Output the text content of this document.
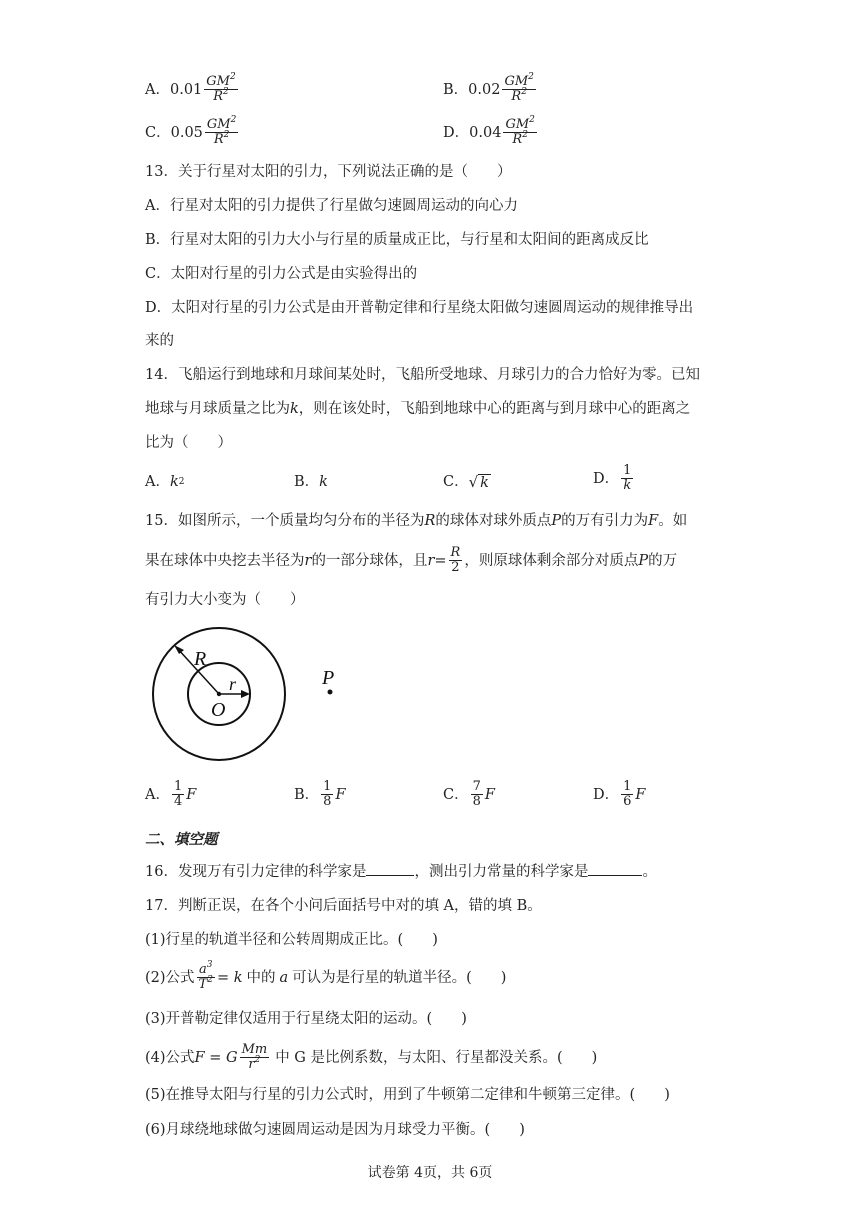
A． $0.01 \frac{GM^2}{R^2}$	B． $0.02 \frac{GM^2}{R^2}$
C． $0.05 \frac{GM^2}{R^2}$	D． $0.04 \frac{GM^2}{R^2}$
13．关于行星对太阳的引力，下列说法正确的是（　　）
A．行星对太阳的引力提供了行星做匀速圆周运动的向心力
B．行星对太阳的引力大小与行星的质量成正比，与行星和太阳间的距离成反比
C．太阳对行星的引力公式是由实验得出的
D．太阳对行星的引力公式是由开普勒定律和行星绕太阳做匀速圆周运动的规律推导出
来的
14．飞船运行到地球和月球间某处时，飞船所受地球、月球引力的合力恰好为零。已知
地球与月球质量之比为k，则在该处时，飞船到地球中心的距离与到月球中心的距离之
比为（　　）
A． k 2	B． k	C． √ k	D． $\frac{1}{k}$
15．如图所示，一个质量均匀分布的半径为R的球体对球外质点P的万有引力为F。如
果在球体中央挖去半径为 r 的一部分球体，且 $r= \frac{R}{2}$ ，则原球体剩余部分对质点 P 的万
有引力大小变为（　　）
R
r
O
P
A． $\frac{1}{4}$ F	B． $\frac{1}{8}$ F	C． $\frac{7}{8}$ F	D． $\frac{1}{6}$ F
二、填空题
16．发现万有引力定律的科学家是	，测出引力常量的科学家是	。
17．判断正误，在各个小问后面括号中对的填 A，错的填 B。
(1)行星的轨道半径和公转周期成正比。(　　)
(2)公式 $\frac{a^3}{T^2} = k$ 中的 a 可认为是行星的轨道半径。(　　)
(3)开普勒定律仅适用于行星绕太阳的运动。(　　)
(4)公式 F = G $\frac{Mm}{r^2}$ 中 G 是比例系数，与太阳、行星都没关系。(　　)
(5)在推导太阳与行星的引力公式时，用到了牛顿第二定律和牛顿第三定律。(　　)
(6)月球绕地球做匀速圆周运动是因为月球受力平衡。(　　)
试卷第 4页，共 6页
